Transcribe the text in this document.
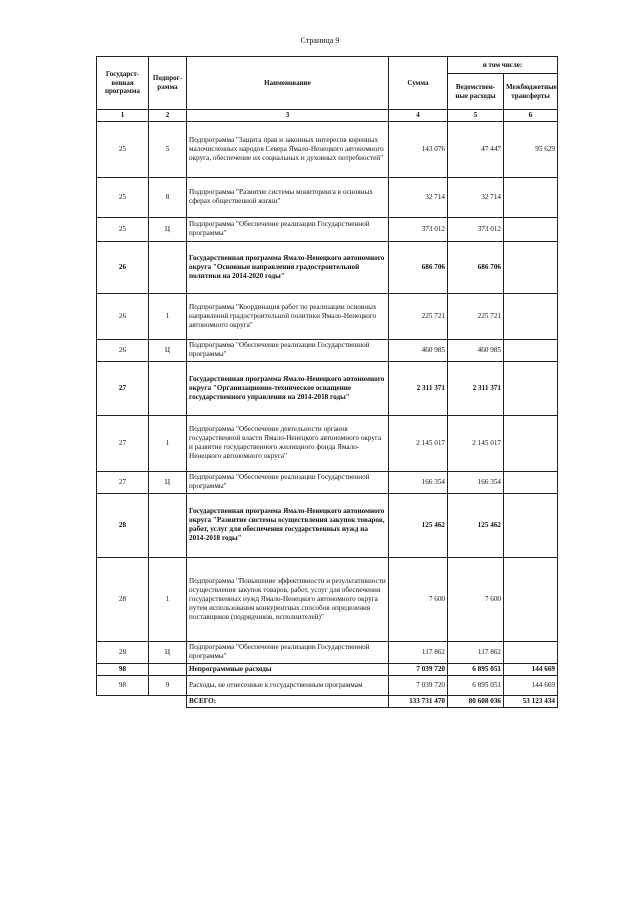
Страница 9
Государст-венная программа	Подпрог-рамма	Наименование	Сумма	и том числе:	
				Ведомствен-ные расходы	Межбюджетные трансферты
1	2	3	4	5	6
25	5	Подпрограмма "Защита прав и законных интересов коренных малочисленных народов Севера Ямало-Ненецкого автономного округа, обеспечение их социальных и духовных потребностей"	143 076	47 447	95 629
25	8	Подпрограмма "Развитие системы мониторинга в основных сферах общественной жизни"	32 714	32 714	
25	Ц	Подпрограмма "Обеспечение реализации Государственной программы"	373 012	373 012	
26		Государственная программа Ямало-Ненецкого автономного округа "Основные направления градостроительной политики на 2014-2020 годы"	686 706	686 706	
26	1	Подпрограмма "Координация работ по реализации основных направлений градостроительной политики Ямало-Ненецкого автономного округа"	225 721	225 721	
26	Ц	Подпрограмма "Обеспечение реализации Государственной программы"	460 985	460 985	
27		Государственная программа Ямало-Ненецкого автономного округа "Организационно-техническое оснащение государственного управления на 2014-2018 годы"	2 311 371	2 311 371	
27	1	Подпрограмма "Обеспечение деятельности органов государственной власти Ямало-Ненецкого автономного округа и развитие государственного жилищного фонда Ямало-Ненецкого автономного округа"	2 145 017	2 145 017	
27	Ц	Подпрограмма "Обеспечение реализации Государственной программы"	166 354	166 354	
28		Государственная программа Ямало-Ненецкого автономного округа "Развитие системы осуществления закупок товаров, работ, услуг для обеспечения государственных нужд на 2014-2018 годы"	125 462	125 462	
28	1	Подпрограмма "Повышение эффективности и результативности осуществления закупок товаров, работ, услуг для обеспечения государственных нужд Ямало-Ненецкого автономного округа путем использования конкурентных способов определения поставщиков (подрядчиков, исполнителей)"	7 600	7 600	
28	Ц	Подпрограмма "Обеспечение реализации Государственной программы"	117 862	117 862	
98		Непрограммные расходы	7 039 720	6 895 051	144 669
98	9	Расходы, не отнесенные к государственным программам	7 039 720	6 895 051	144 669
		ВСЕГО:	133 731 470	80 608 036	53 123 434
